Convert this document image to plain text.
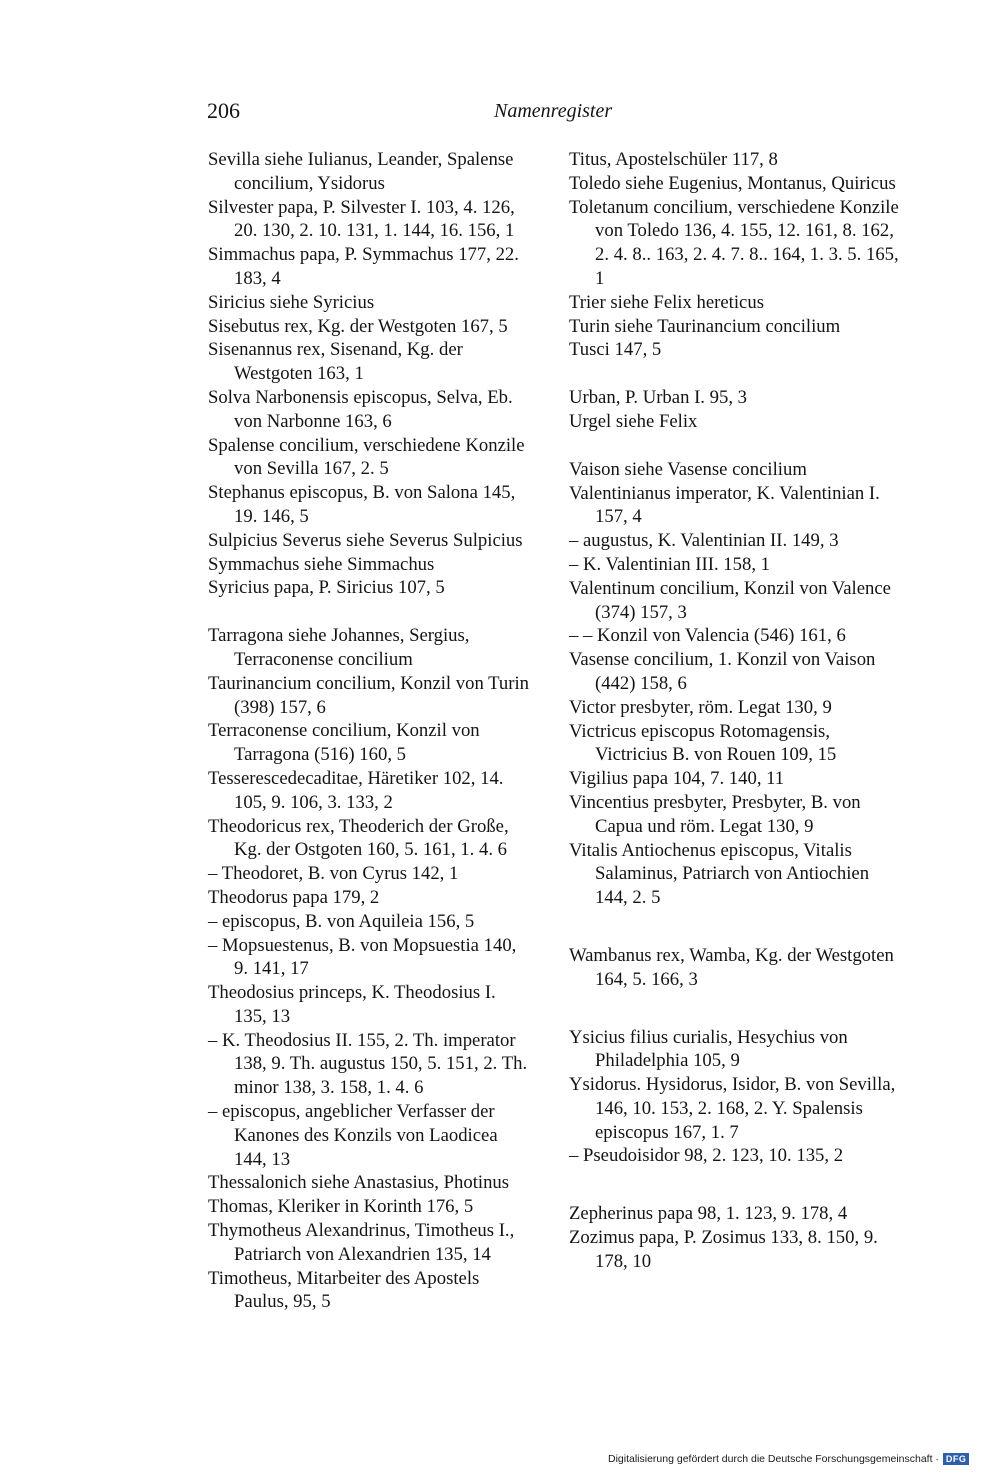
206	Namenregister
Sevilla siehe Iulianus, Leander, Spalense concilium, Ysidorus
Silvester papa, P. Silvester I. 103, 4. 126, 20. 130, 2. 10. 131, 1. 144, 16. 156, 1
Simmachus papa, P. Symmachus 177, 22. 183, 4
Siricius siehe Syricius
Sisebutus rex, Kg. der Westgoten 167, 5
Sisenannus rex, Sisenand, Kg. der Westgoten 163, 1
Solva Narbonensis episcopus, Selva, Eb. von Narbonne 163, 6
Spalense concilium, verschiedene Konzile von Sevilla 167, 2. 5
Stephanus episcopus, B. von Salona 145, 19. 146, 5
Sulpicius Severus siehe Severus Sulpicius
Symmachus siehe Simmachus
Syricius papa, P. Siricius 107, 5
Tarragona siehe Johannes, Sergius, Terraconense concilium
Taurinancium concilium, Konzil von Turin (398) 157, 6
Terraconense concilium, Konzil von Tarragona (516) 160, 5
Tesserescedecaditae, Häretiker 102, 14. 105, 9. 106, 3. 133, 2
Theodoricus rex, Theoderich der Große, Kg. der Ostgoten 160, 5. 161, 1. 4. 6
– Theodoret, B. von Cyrus 142, 1
Theodorus papa 179, 2
– episcopus, B. von Aquileia 156, 5
– Mopsuestenus, B. von Mopsuestia 140, 9. 141, 17
Theodosius princeps, K. Theodosius I. 135, 13
– K. Theodosius II. 155, 2. Th. imperator 138, 9. Th. augustus 150, 5. 151, 2. Th. minor 138, 3. 158, 1. 4. 6
– episcopus, angeblicher Verfasser der Kanones des Konzils von Laodicea 144, 13
Thessalonich siehe Anastasius, Photinus
Thomas, Kleriker in Korinth 176, 5
Thymotheus Alexandrinus, Timotheus I., Patriarch von Alexandrien 135, 14
Timotheus, Mitarbeiter des Apostels Paulus, 95, 5
Titus, Apostelschüler 117, 8
Toledo siehe Eugenius, Montanus, Quiricus
Toletanum concilium, verschiedene Konzile von Toledo 136, 4. 155, 12. 161, 8. 162, 2. 4. 8.. 163, 2. 4. 7. 8.. 164, 1. 3. 5. 165, 1
Trier siehe Felix hereticus
Turin siehe Taurinancium concilium
Tusci 147, 5
Urban, P. Urban I. 95, 3
Urgel siehe Felix
Vaison siehe Vasense concilium
Valentinianus imperator, K. Valentinian I. 157, 4
– augustus, K. Valentinian II. 149, 3
– K. Valentinian III. 158, 1
Valentinum concilium, Konzil von Valence (374) 157, 3
– – Konzil von Valencia (546) 161, 6
Vasense concilium, 1. Konzil von Vaison (442) 158, 6
Victor presbyter, röm. Legat 130, 9
Victricus episcopus Rotomagensis, Victricius B. von Rouen 109, 15
Vigilius papa 104, 7. 140, 11
Vincentius presbyter, Presbyter, B. von Capua und röm. Legat 130, 9
Vitalis Antiochenus episcopus, Vitalis Salaminus, Patriarch von Antiochien 144, 2. 5
Wambanus rex, Wamba, Kg. der Westgoten 164, 5. 166, 3
Ysicius filius curialis, Hesychius von Philadelphia 105, 9
Ysidorus. Hysidorus, Isidor, B. von Sevilla, 146, 10. 153, 2. 168, 2. Y. Spalensis episcopus 167, 1. 7
– Pseudoisidor 98, 2. 123, 10. 135, 2
Zepherinus papa 98, 1. 123, 9. 178, 4
Zozimus papa, P. Zosimus 133, 8. 150, 9. 178, 10
Digitalisierung gefördert durch die Deutsche Forschungsgemeinschaft · DFG
